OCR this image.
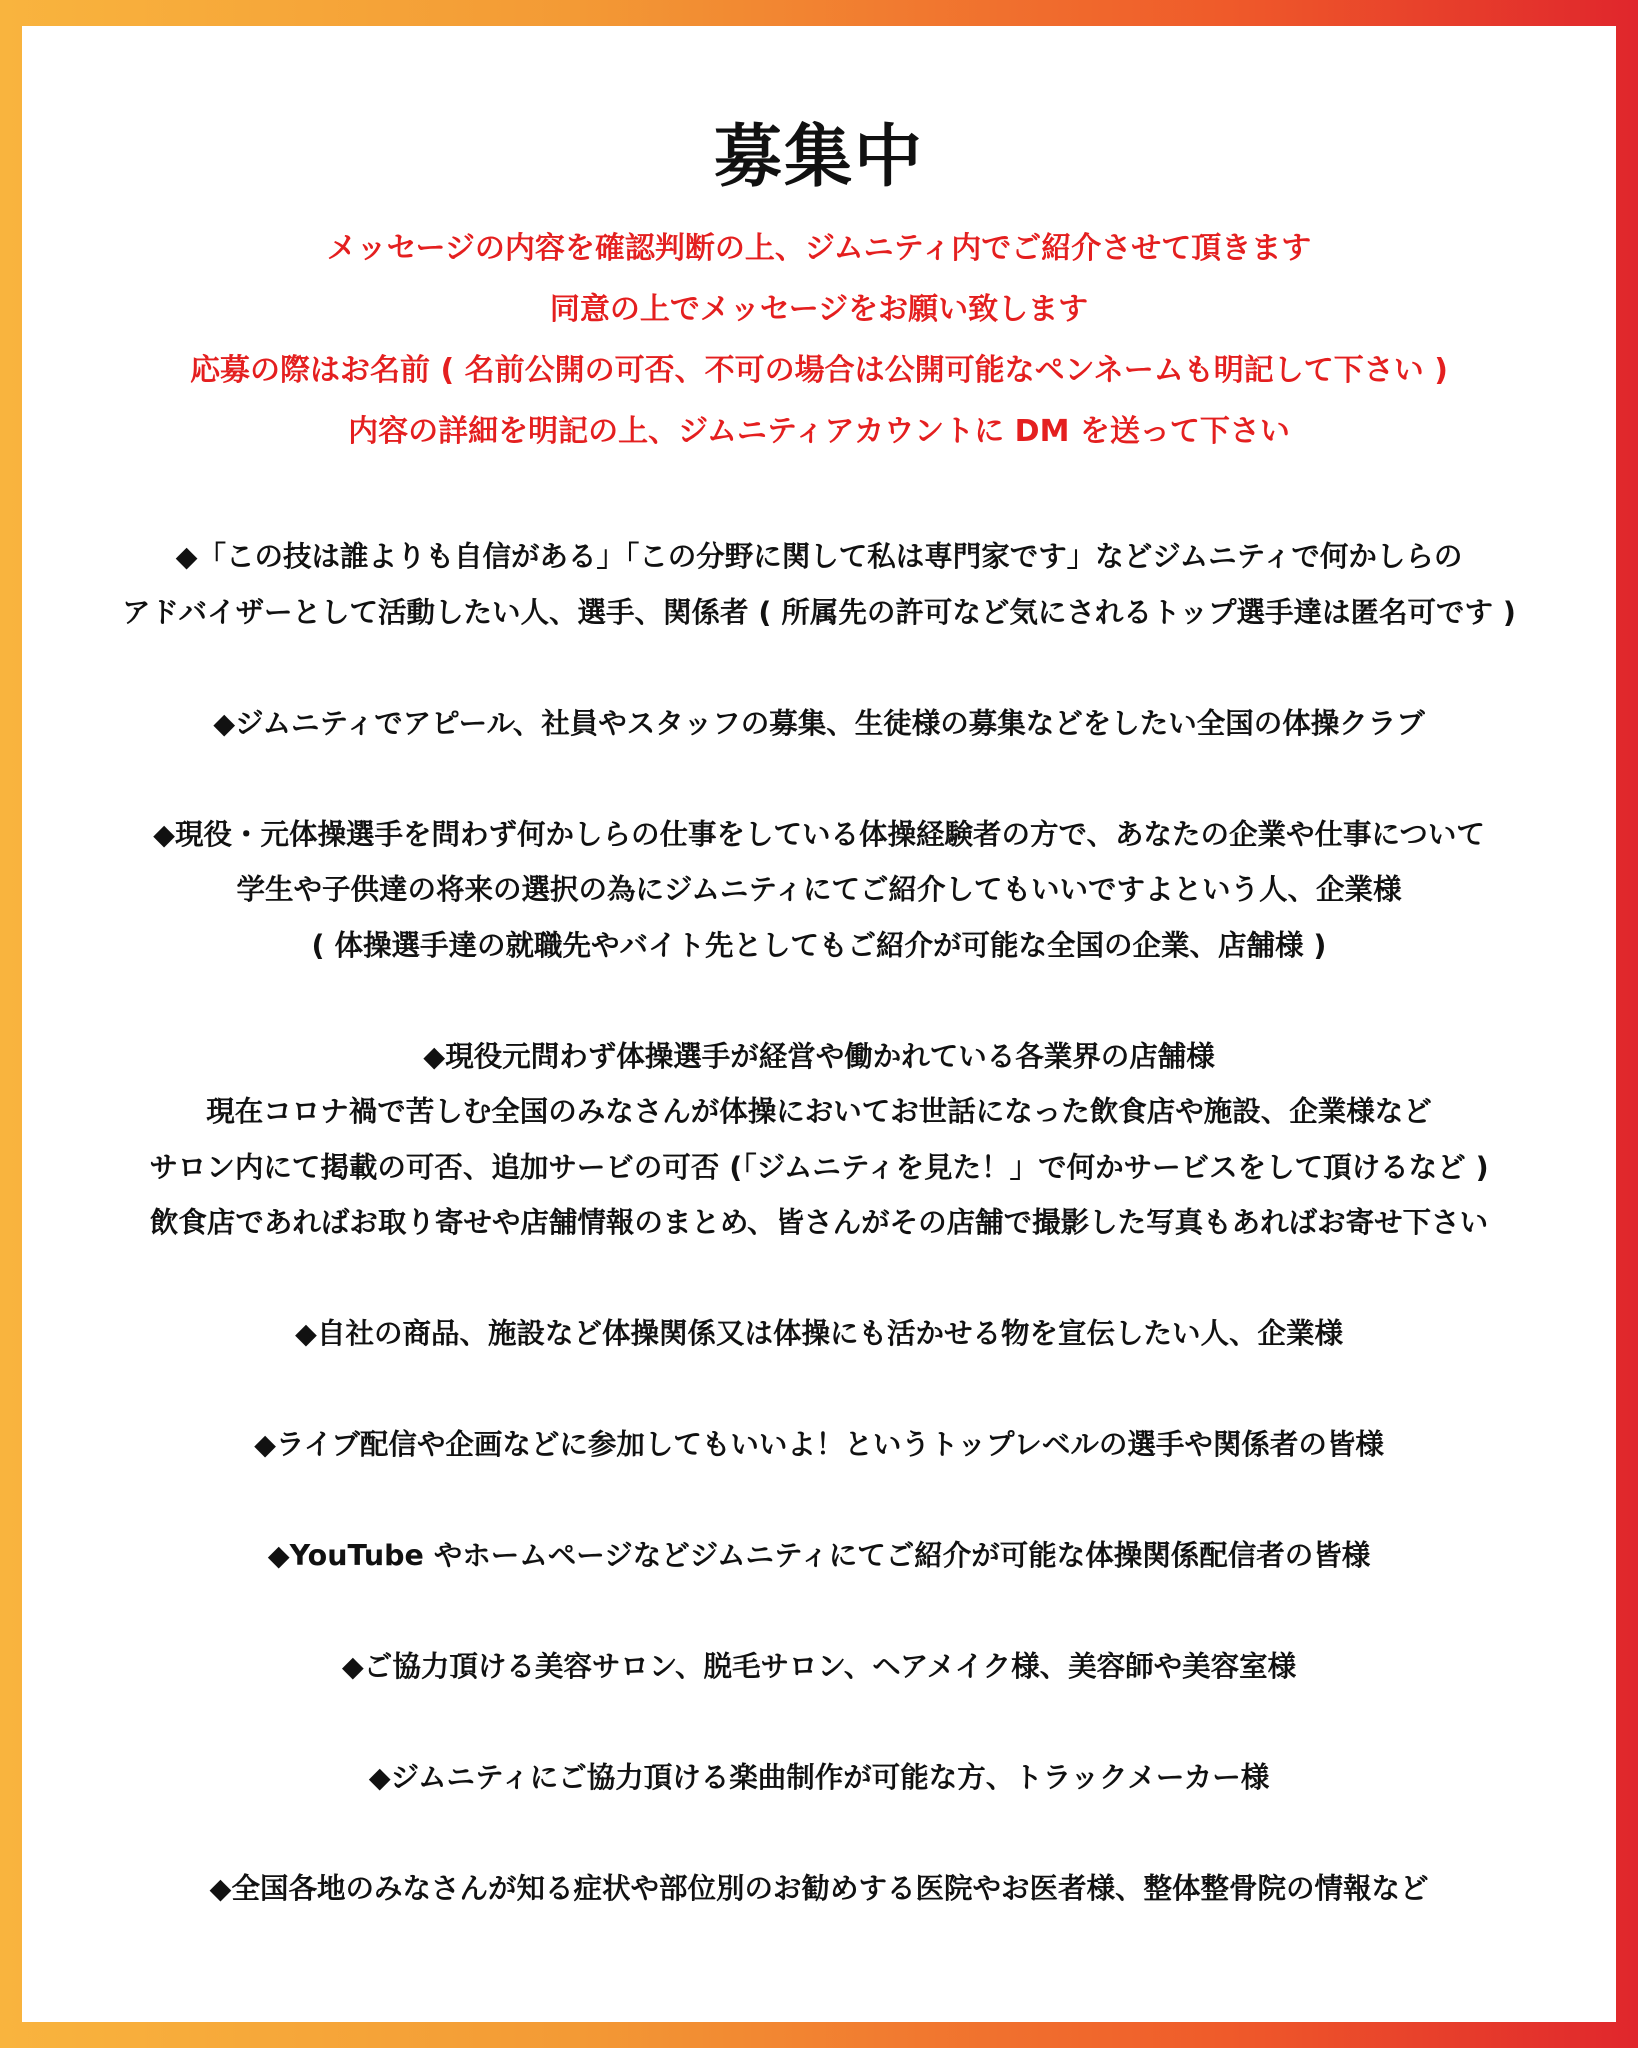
募集中
メッセージの内容を確認判断の上、ジムニティ内でご紹介させて頂きます
同意の上でメッセージをお願い致します
応募の際はお名前 ( 名前公開の可否、不可の場合は公開可能なペンネームも明記して下さい )
内容の詳細を明記の上、ジムニティアカウントに DM を送って下さい
◆「この技は誰よりも自信がある」「この分野に関して私は専門家です」などジムニティで何かしらの
アドバイザーとして活動したい人、選手、関係者 ( 所属先の許可など気にされるトップ選手達は匿名可です )
◆ジムニティでアピール、社員やスタッフの募集、生徒様の募集などをしたい全国の体操クラブ
◆現役・元体操選手を問わず何かしらの仕事をしている体操経験者の方で、あなたの企業や仕事について
学生や子供達の将来の選択の為にジムニティにてご紹介してもいいですよという人、企業様
( 体操選手達の就職先やバイト先としてもご紹介が可能な全国の企業、店舗様 )
◆現役元問わず体操選手が経営や働かれている各業界の店舗様
現在コロナ禍で苦しむ全国のみなさんが体操においてお世話になった飲食店や施設、企業様など
サロン内にて掲載の可否、追加サービの可否 (「ジムニティを見た！」で何かサービスをして頂けるなど )
飲食店であればお取り寄せや店舗情報のまとめ、皆さんがその店舗で撮影した写真もあればお寄せ下さい
◆自社の商品、施設など体操関係又は体操にも活かせる物を宣伝したい人、企業様
◆ライブ配信や企画などに参加してもいいよ！というトップレベルの選手や関係者の皆様
◆YouTube やホームページなどジムニティにてご紹介が可能な体操関係配信者の皆様
◆ご協力頂ける美容サロン、脱毛サロン、ヘアメイク様、美容師や美容室様
◆ジムニティにご協力頂ける楽曲制作が可能な方、トラックメーカー様
◆全国各地のみなさんが知る症状や部位別のお勧めする医院やお医者様、整体整骨院の情報など
